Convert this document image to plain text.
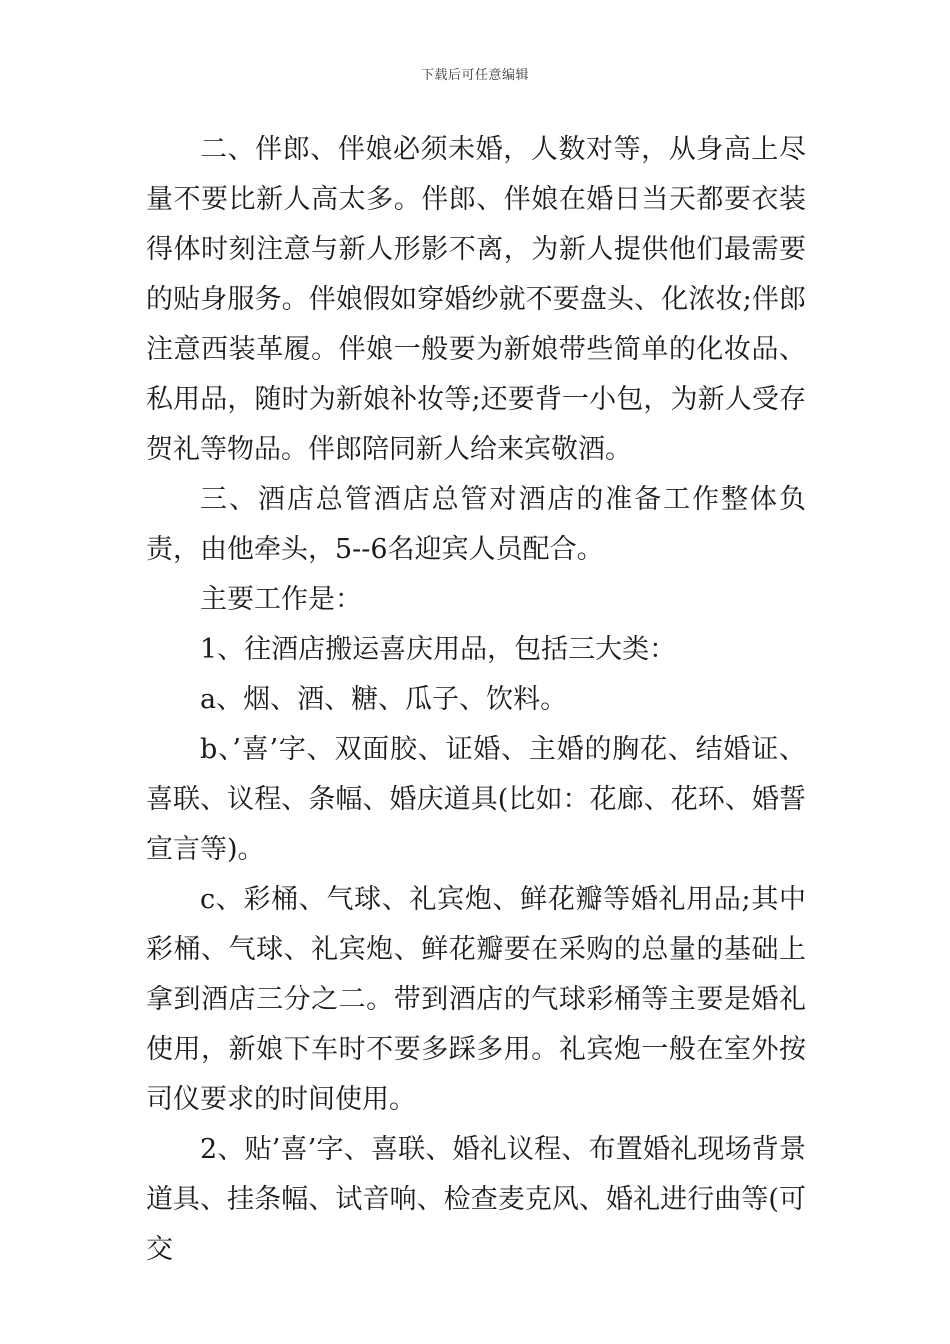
下载后可任意编辑

二、伴郎、伴娘必须未婚，人数对等，从身高上尽量不要比新人高太多。伴郎、伴娘在婚日当天都要衣装得体时刻注意与新人形影不离，为新人提供他们最需要的贴身服务。伴娘假如穿婚纱就不要盘头、化浓妆;伴郎注意西装革履。伴娘一般要为新娘带些简单的化妆品、私用品，随时为新娘补妆等;还要背一小包，为新人受存贺礼等物品。伴郎陪同新人给来宾敬酒。

三、酒店总管酒店总管对酒店的准备工作整体负责，由他牵头，5--6名迎宾人员配合。

主要工作是：

1、往酒店搬运喜庆用品，包括三大类：

a、烟、酒、糖、瓜子、饮料。

b、’喜’字、双面胶、证婚、主婚的胸花、结婚证、喜联、议程、条幅、婚庆道具(比如：花廊、花环、婚誓宣言等)。

c、彩桶、气球、礼宾炮、鲜花瓣等婚礼用品;其中彩桶、气球、礼宾炮、鲜花瓣要在采购的总量的基础上拿到酒店三分之二。带到酒店的气球彩桶等主要是婚礼使用，新娘下车时不要多踩多用。礼宾炮一般在室外按司仪要求的时间使用。

2、贴’喜’字、喜联、婚礼议程、布置婚礼现场背景道具、挂条幅、试音响、检查麦克风、婚礼进行曲等(可交
